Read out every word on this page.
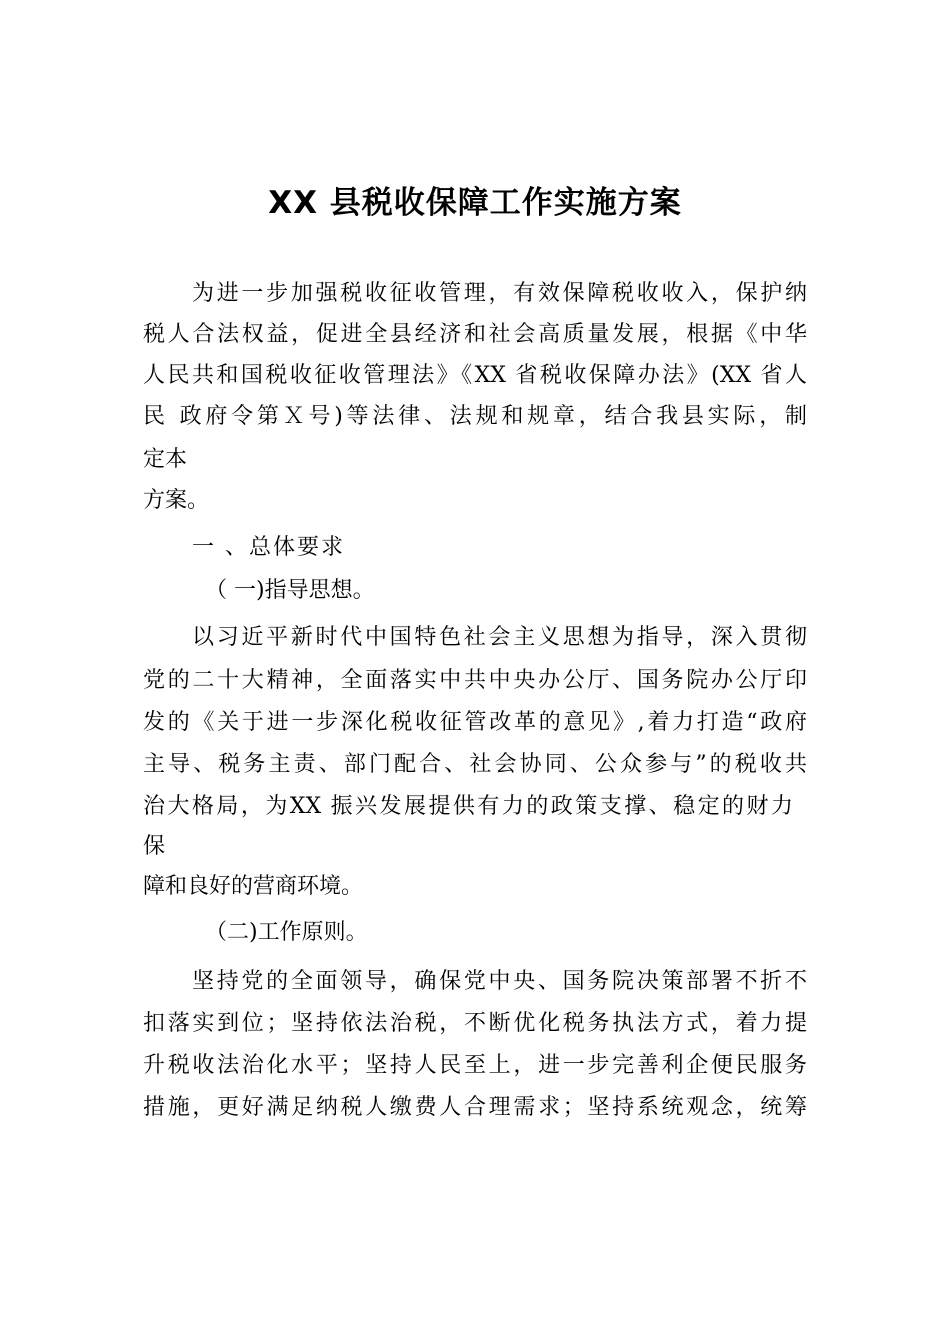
XX 县税收保障工作实施方案
为进一步加强税收征收管理，有效保障税收收入，保护纳
税人合法权益，促进全县经济和社会高质量发展，根据《中华
人民共和国税收征收管理法》《XX 省税收保障办法》(XX 省人
民 政府令第Ｘ号)等法律、法规和规章，结合我县实际，制
定本
方案。
一 、总体要求
（ 一)指导思想。
以习近平新时代中国特色社会主义思想为指导，深入贯彻
党的二十大精神，全面落实中共中央办公厅、国务院办公厅印
发的《关于进一步深化税收征管改革的意见》,着力打造“政府
主导、税务主责、部门配合、社会协同、公众参与”的税收共
治大格局，为XX 振兴发展提供有力的政策支撑、稳定的财力
保
障和良好的营商环境。
（二)工作原则。
坚持党的全面领导，确保党中央、国务院决策部署不折不
扣落实到位；坚持依法治税，不断优化税务执法方式，着力提
升税收法治化水平；坚持人民至上，进一步完善利企便民服务
措施，更好满足纳税人缴费人合理需求；坚持系统观念，统筹
